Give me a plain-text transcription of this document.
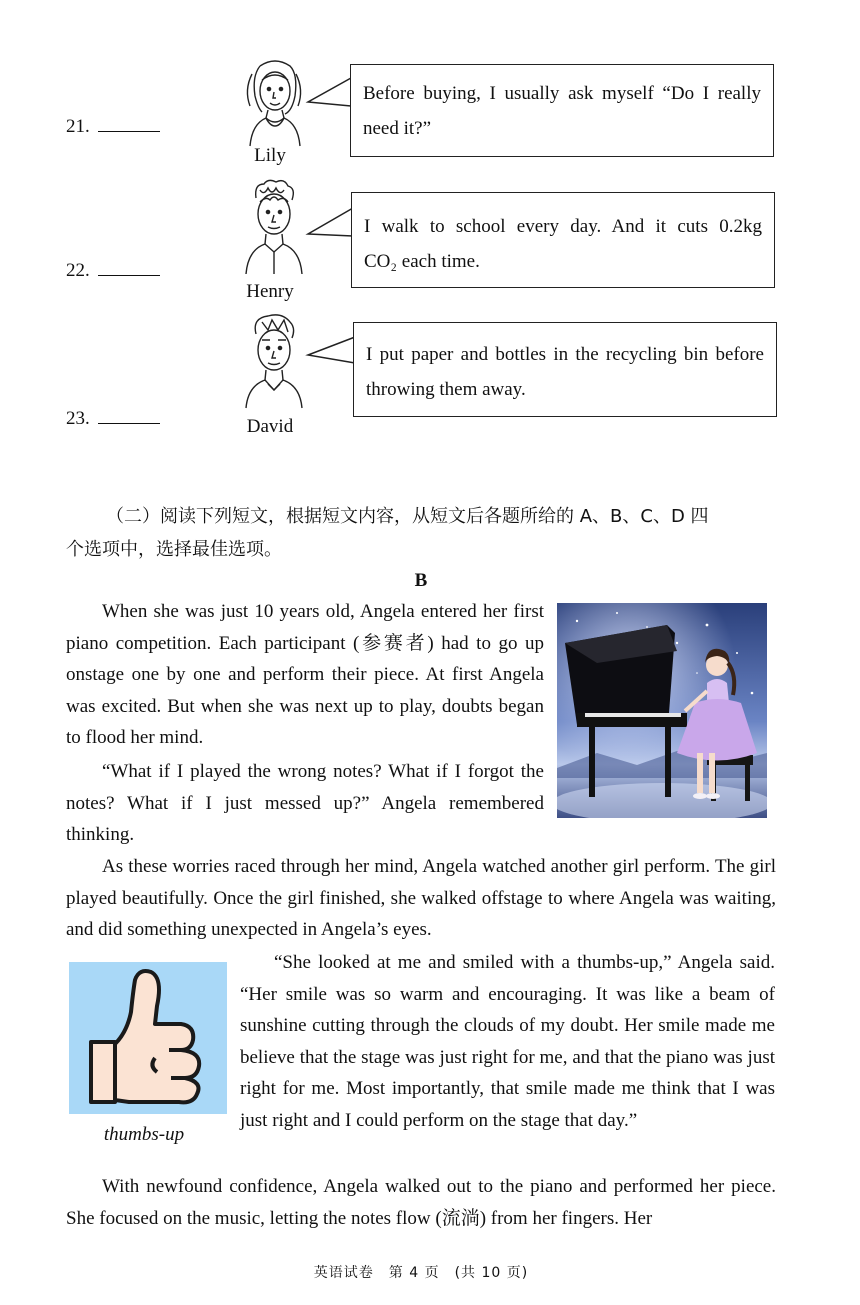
21.
Lily
Before buying, I usually ask myself “Do I really need it?”
22.
Henry
I walk to school every day. And it cuts 0.2kg
CO₂ each time.
23.	David
I put paper and bottles in the recycling bin before throwing them away.
（二）阅读下列短文，根据短文内容，从短文后各题所给的 A、B、C、D 四
个选项中，选择最佳选项。
B
When she was just 10 years old, Angela entered her first piano competition. Each participant (参赛者) had to go up onstage one by one and perform their piece. At first Angela was excited. But when she was next up to play, doubts began to flood her mind.
“What if I played the wrong notes? What if I forgot the notes? What if I just messed up?” Angela remembered thinking.
As these worries raced through her mind, Angela watched another girl perform. The girl played beautifully. Once the girl finished, she walked offstage to where Angela was waiting, and did something unexpected in Angela’s eyes.
thumbs-up
“She looked at me and smiled with a thumbs-up,” Angela said. “Her smile was so warm and encouraging. It was like a beam of sunshine cutting through the clouds of my doubt. Her smile made me believe that the stage was just right for me, and that the piano was just right for me. Most importantly, that smile made me think that I was just right and I could perform on the stage that day.”
With newfound confidence, Angela walked out to the piano and performed her piece. She focused on the music, letting the notes flow (流淌) from her fingers. Her
英语试卷　第 4 页　(共 10 页)
